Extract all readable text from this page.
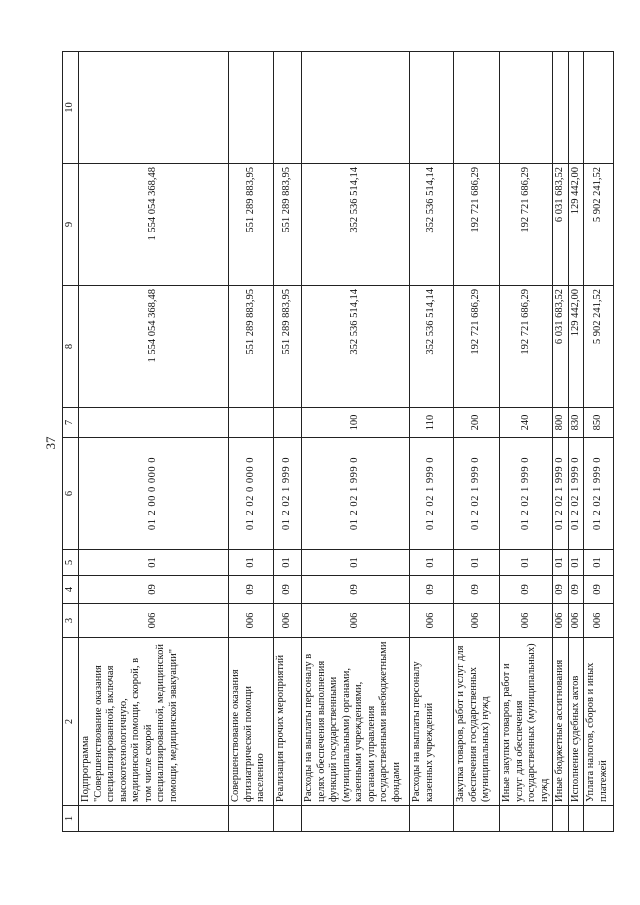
37
1	2	3	4	5	6	7	8	9	10
	Подпрограмма "Совершенствование оказания специализированной, включая высокотехнологичную, медицинской помощи, скорой, в том числе скорой специализированной, медицинской помощи, медицинской эвакуации"	006	09	01	01 2 00 0 000 0		1 554 054 368,48	1 554 054 368,48	
	Совершенствование оказания фтизиатрической помощи населению	006	09	01	01 2 02 0 000 0		551 289 883,95	551 289 883,95	
	Реализация прочих мероприятий	006	09	01	01 2 02 1 999 0		551 289 883,95	551 289 883,95	
	Расходы на выплаты персоналу в целях обеспечения выполнения функций государственными (муниципальными) органами, казенными учреждениями, органами управления государственными внебюджетными фондами	006	09	01	01 2 02 1 999 0	100	352 536 514,14	352 536 514,14	
	Расходы на выплаты персоналу казенных учреждений	006	09	01	01 2 02 1 999 0	110	352 536 514,14	352 536 514,14	
	Закупка товаров, работ и услуг для обеспечения государственных (муниципальных) нужд	006	09	01	01 2 02 1 999 0	200	192 721 686,29	192 721 686,29	
	Иные закупки товаров, работ и услуг для обеспечения государственных (муниципальных) нужд	006	09	01	01 2 02 1 999 0	240	192 721 686,29	192 721 686,29	
	Иные бюджетные ассигнования	006	09	01	01 2 02 1 999 0	800	6 031 683,52	6 031 683,52	
	Исполнение судебных актов	006	09	01	01 2 02 1 999 0	830	129 442,00	129 442,00	
	Уплата налогов, сборов и иных платежей	006	09	01	01 2 02 1 999 0	850	5 902 241,52	5 902 241,52	
